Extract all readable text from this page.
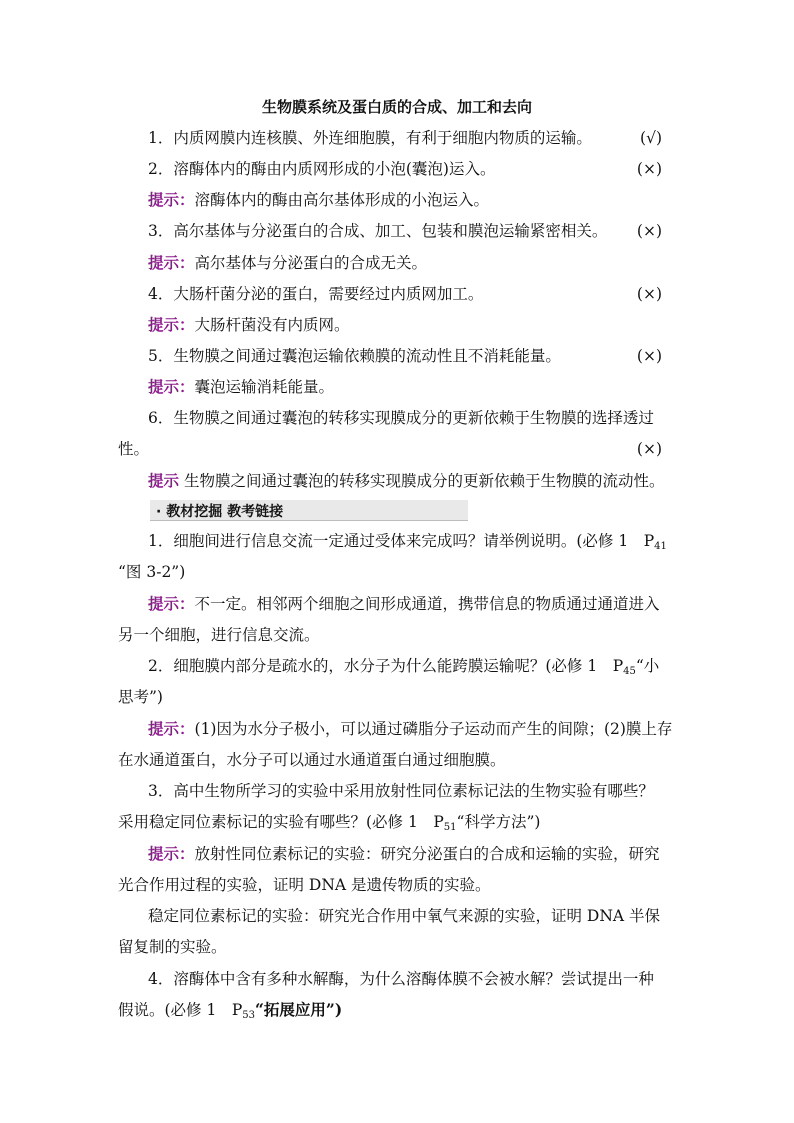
生物膜系统及蛋白质的合成、加工和去向
1．内质网膜内连核膜、外连细胞膜，有利于细胞内物质的运输。	(√)
2．溶酶体内的酶由内质网形成的小泡(囊泡)运入。	(×)
提示：溶酶体内的酶由高尔基体形成的小泡运入。
3．高尔基体与分泌蛋白的合成、加工、包装和膜泡运输紧密相关。 (×)
提示：高尔基体与分泌蛋白的合成无关。
4．大肠杆菌分泌的蛋白，需要经过内质网加工。	(×)
提示：大肠杆菌没有内质网。
5．生物膜之间通过囊泡运输依赖膜的流动性且不消耗能量。	(×)
提示：囊泡运输消耗能量。
6．生物膜之间通过囊泡的转移实现膜成分的更新依赖于生物膜的选择透过
性。	(×)
提示 生物膜之间通过囊泡的转移实现膜成分的更新依赖于生物膜的流动性。
· 教材挖掘 教考链接
1．细胞间进行信息交流一定通过受体来完成吗？请举例说明。(必修 1　$P_{41}$
“图 3-2”)
提示：不一定。相邻两个细胞之间形成通道，携带信息的物质通过通道进入
另一个细胞，进行信息交流。
2．细胞膜内部分是疏水的，水分子为什么能跨膜运输呢？(必修 1　$P_{45}“$小
思考”)
提示：(1)因为水分子极小，可以通过磷脂分子运动而产生的间隙；(2)膜上存
在水通道蛋白，水分子可以通过水通道蛋白通过细胞膜。
3．高中生物所学习的实验中采用放射性同位素标记法的生物实验有哪些？
采用稳定同位素标记的实验有哪些？(必修 1　$P_{51}“$科学方法”)
提示：放射性同位素标记的实验：研究分泌蛋白的合成和运输的实验，研究
光合作用过程的实验，证明 DNA 是遗传物质的实验。
稳定同位素标记的实验：研究光合作用中氧气来源的实验，证明 DNA 半保
留复制的实验。
4．溶酶体中含有多种水解酶，为什么溶酶体膜不会被水解？尝试提出一种
假说。(必修 1　$P_{53}“$拓展应用”)
